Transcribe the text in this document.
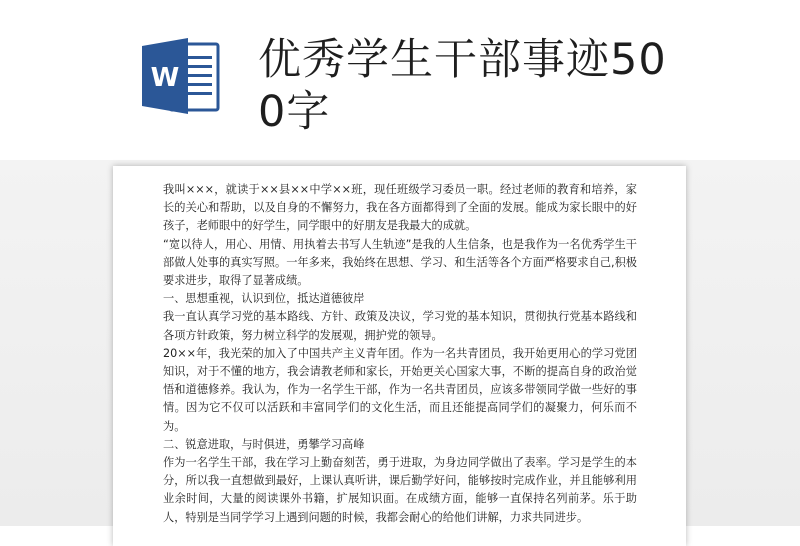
W 优秀学生干部事迹500字

我叫×××，就读于××县××中学××班，现任班级学习委员一职。经过老师的教育和培养，家长的关心和帮助，以及自身的不懈努力，我在各方面都得到了全面的发展。能成为家长眼中的好孩子，老师眼中的好学生，同学眼中的好朋友是我最大的成就。

“宽以待人，用心、用情、用执着去书写人生轨迹”是我的人生信条，也是我作为一名优秀学生干部做人处事的真实写照。一年多来，我始终在思想、学习、和生活等各个方面严格要求自己,积极要求进步，取得了显著成绩。

一、思想重视，认识到位，抵达道德彼岸

我一直认真学习党的基本路线、方针、政策及决议，学习党的基本知识，贯彻执行党基本路线和各项方针政策，努力树立科学的发展观，拥护党的领导。

20××年，我光荣的加入了中国共产主义青年团。作为一名共青团员，我开始更用心的学习党团知识，对于不懂的地方，我会请教老师和家长，开始更关心国家大事，不断的提高自身的政治觉悟和道德修养。我认为，作为一名学生干部，作为一名共青团员，应该多带领同学做一些好的事情。因为它不仅可以活跃和丰富同学们的文化生活，而且还能提高同学们的凝聚力，何乐而不为。

二、锐意进取，与时俱进，勇攀学习高峰

作为一名学生干部，我在学习上勤奋刻苦，勇于进取，为身边同学做出了表率。学习是学生的本分，所以我一直想做到最好，上课认真听讲，课后勤学好问，能够按时完成作业，并且能够利用业余时间，大量的阅读课外书籍，扩展知识面。在成绩方面，能够一直保持名列前茅。乐于助人，特别是当同学学习上遇到问题的时候，我都会耐心的给他们讲解，力求共同进步。
